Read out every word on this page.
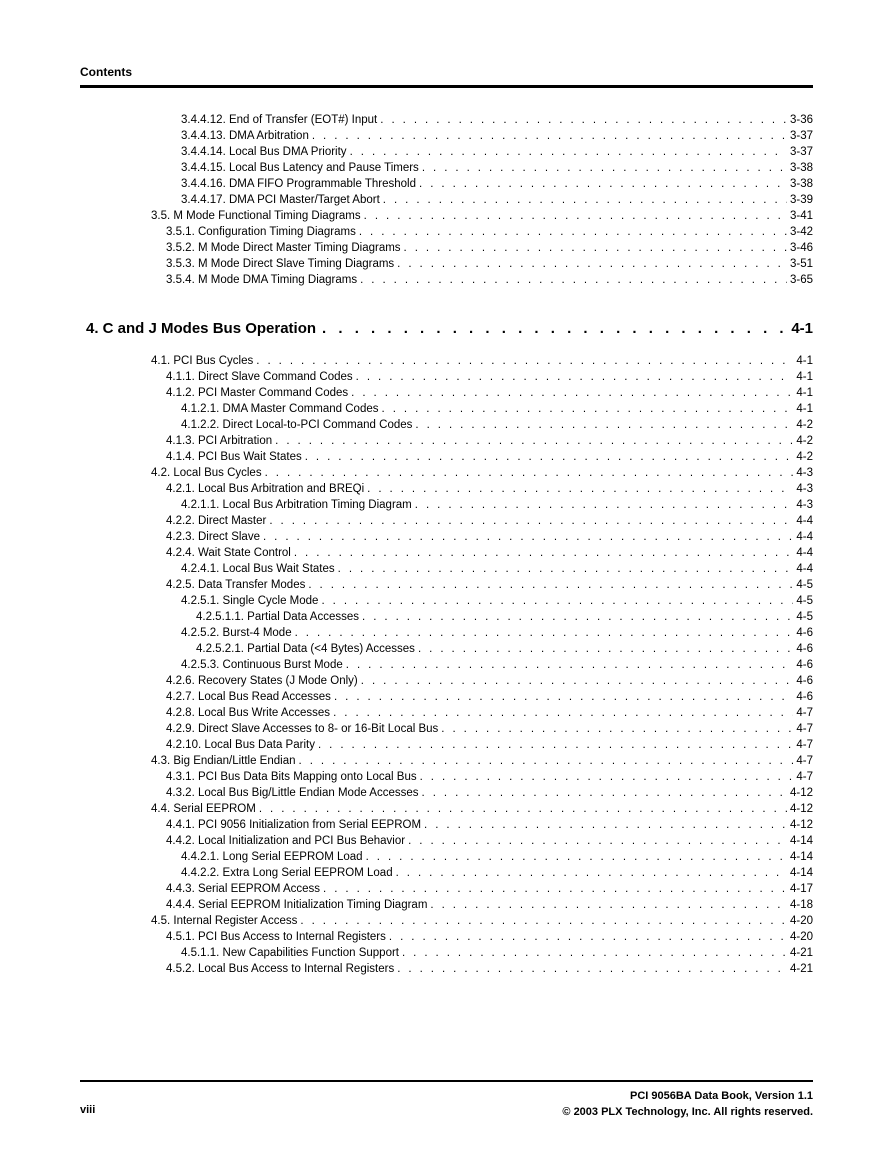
Contents
3.4.4.12. End of Transfer (EOT#) Input . . .	3-36
3.4.4.13. DMA Arbitration . . .	3-37
3.4.4.14. Local Bus DMA Priority . . .	3-37
3.4.4.15. Local Bus Latency and Pause Timers . . .	3-38
3.4.4.16. DMA FIFO Programmable Threshold . . .	3-38
3.4.4.17. DMA PCI Master/Target Abort . . .	3-39
3.5. M Mode Functional Timing Diagrams . . .	3-41
3.5.1. Configuration Timing Diagrams . . .	3-42
3.5.2. M Mode Direct Master Timing Diagrams . . .	3-46
3.5.3. M Mode Direct Slave Timing Diagrams . . .	3-51
3.5.4. M Mode DMA Timing Diagrams . . .	3-65
4. C and J Modes Bus Operation . . .	4-1
4.1. PCI Bus Cycles . . .	4-1
4.1.1. Direct Slave Command Codes . . .	4-1
4.1.2. PCI Master Command Codes . . .	4-1
4.1.2.1. DMA Master Command Codes . . .	4-1
4.1.2.2. Direct Local-to-PCI Command Codes . . .	4-2
4.1.3. PCI Arbitration . . .	4-2
4.1.4. PCI Bus Wait States . . .	4-2
4.2. Local Bus Cycles . . .	4-3
4.2.1. Local Bus Arbitration and BREQi . . .	4-3
4.2.1.1. Local Bus Arbitration Timing Diagram . . .	4-3
4.2.2. Direct Master . . .	4-4
4.2.3. Direct Slave . . .	4-4
4.2.4. Wait State Control . . .	4-4
4.2.4.1. Local Bus Wait States . . .	4-4
4.2.5. Data Transfer Modes . . .	4-5
4.2.5.1. Single Cycle Mode . . .	4-5
4.2.5.1.1. Partial Data Accesses . . .	4-5
4.2.5.2. Burst-4 Mode . . .	4-6
4.2.5.2.1. Partial Data (<4 Bytes) Accesses . . .	4-6
4.2.5.3. Continuous Burst Mode . . .	4-6
4.2.6. Recovery States (J Mode Only) . . .	4-6
4.2.7. Local Bus Read Accesses . . .	4-6
4.2.8. Local Bus Write Accesses . . .	4-7
4.2.9. Direct Slave Accesses to 8- or 16-Bit Local Bus . . .	4-7
4.2.10. Local Bus Data Parity . . .	4-7
4.3. Big Endian/Little Endian . . .	4-7
4.3.1. PCI Bus Data Bits Mapping onto Local Bus . . .	4-7
4.3.2. Local Bus Big/Little Endian Mode Accesses . . .	4-12
4.4. Serial EEPROM . . .	4-12
4.4.1. PCI 9056 Initialization from Serial EEPROM . . .	4-12
4.4.2. Local Initialization and PCI Bus Behavior . . .	4-14
4.4.2.1. Long Serial EEPROM Load . . .	4-14
4.4.2.2. Extra Long Serial EEPROM Load . . .	4-14
4.4.3. Serial EEPROM Access . . .	4-17
4.4.4. Serial EEPROM Initialization Timing Diagram . . .	4-18
4.5. Internal Register Access . . .	4-20
4.5.1. PCI Bus Access to Internal Registers . . .	4-20
4.5.1.1. New Capabilities Function Support . . .	4-21
4.5.2. Local Bus Access to Internal Registers . . .	4-21
viii
PCI 9056BA Data Book, Version 1.1
© 2003 PLX Technology, Inc. All rights reserved.
